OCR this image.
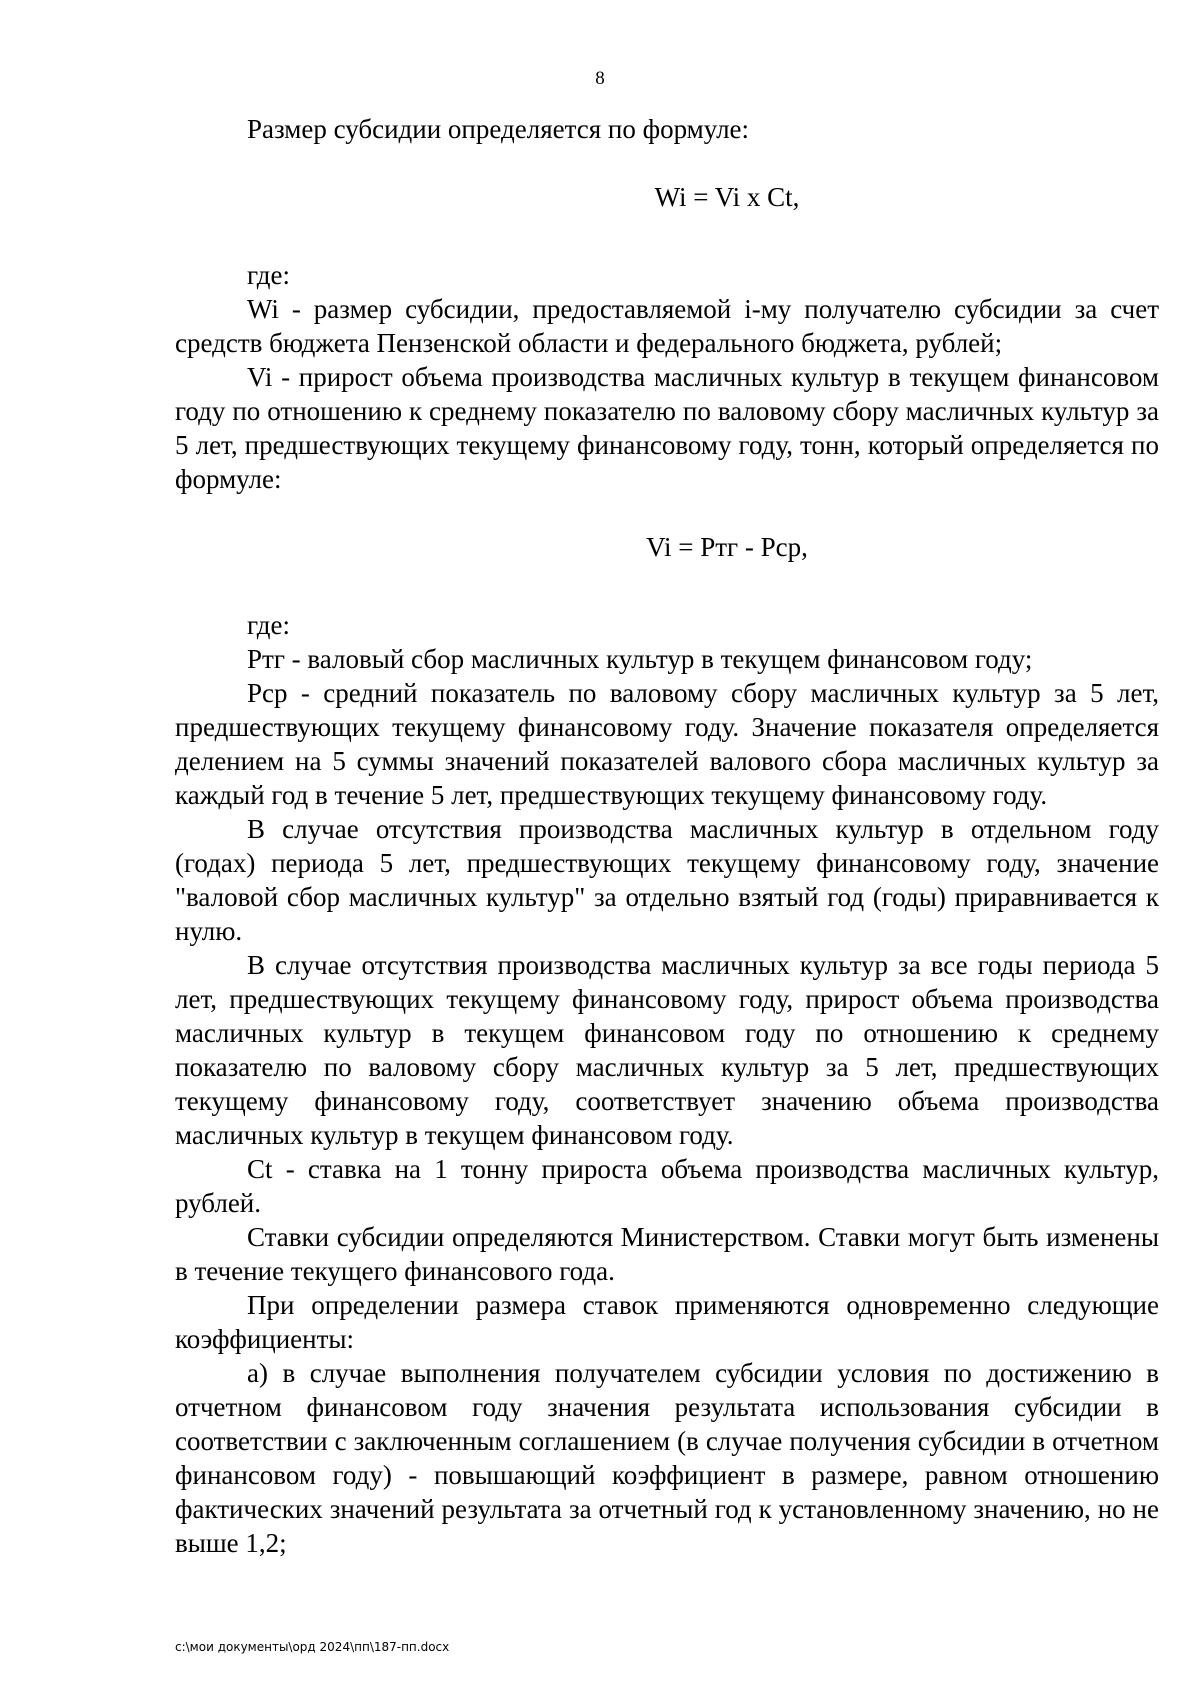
8

Размер субсидии определяется по формуле:

Wi = Vi x Ct,

где:

Wi - размер субсидии, предоставляемой i-му получателю субсидии за счет средств бюджета Пензенской области и федерального бюджета, рублей;

Vi - прирост объема производства масличных культур в текущем финансовом году по отношению к среднему показателю по валовому сбору масличных культур за 5 лет, предшествующих текущему финансовому году, тонн, который определяется по формуле:

Vi = Ртг - Рср,

где:

Ртг - валовый сбор масличных культур в текущем финансовом году;

Рср - средний показатель по валовому сбору масличных культур за 5 лет, предшествующих текущему финансовому году. Значение показателя определяется делением на 5 суммы значений показателей валового сбора масличных культур за каждый год в течение 5 лет, предшествующих текущему финансовому году.

В случае отсутствия производства масличных культур в отдельном году (годах) периода 5 лет, предшествующих текущему финансовому году, значение "валовой сбор масличных культур" за отдельно взятый год (годы) приравнивается к нулю.

В случае отсутствия производства масличных культур за все годы периода 5 лет, предшествующих текущему финансовому году, прирост объема производства масличных культур в текущем финансовом году по отношению к среднему показателю по валовому сбору масличных культур за 5 лет, предшествующих текущему финансовому году, соответствует значению объема производства масличных культур в текущем финансовом году.

Ct - ставка на 1 тонну прироста объема производства масличных культур, рублей.

Ставки субсидии определяются Министерством. Ставки могут быть изменены в течение текущего финансового года.

При определении размера ставок применяются одновременно следующие коэффициенты:

а) в случае выполнения получателем субсидии условия по достижению в отчетном финансовом году значения результата использования субсидии в соответствии с заключенным соглашением (в случае получения субсидии в отчетном финансовом году) - повышающий коэффициент в размере, равном отношению фактических значений результата за отчетный год к установленному значению, но не выше 1,2;

c:\мои документы\орд 2024\пп\187-пп.docx
